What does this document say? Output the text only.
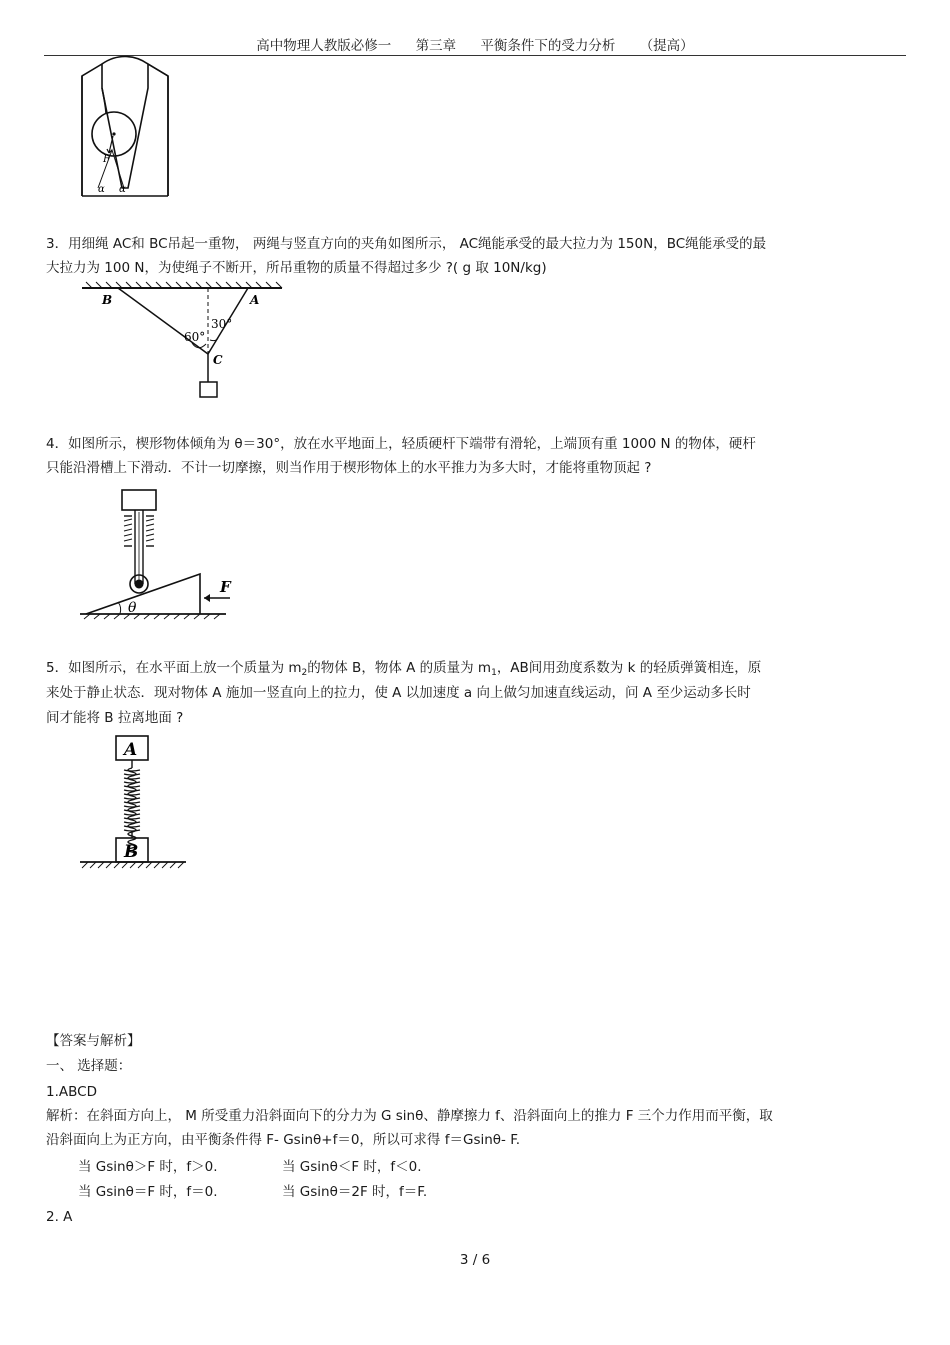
高中物理人教版必修一 第三章 平衡条件下的受力分析 （提高）
F
α α
3．用细绳 AC和 BC吊起一重物， 两绳与竖直方向的夹角如图所示， AC绳能承受的最大拉力为 150N，BC绳能承受的最
大拉力为 100 N，为使绳子不断开，所吊重物的质量不得超过多少 ?( g 取 10N/kg)
B	A
60°
30°
C
4．如图所示，楔形物体倾角为 θ＝30°，放在水平地面上，轻质硬杆下端带有滑轮，上端顶有重 1000 N 的物体，硬杆
只能沿滑槽上下滑动．不计一切摩擦，则当作用于楔形物体上的水平推力为多大时，才能将重物顶起 ?
F
θ
5．如图所示，在水平面上放一个质量为 $m_2$的物体 B，物体 A 的质量为 $m_1$，AB间用劲度系数为 k 的轻质弹簧相连，原
来处于静止状态．现对物体 A 施加一竖直向上的拉力，使 A 以加速度 a 向上做匀加速直线运动，问 A 至少运动多长时
间才能将 B 拉离地面 ?
A
B
【答案与解析】
一、 选择题：
1.ABCD
解析：在斜面方向上， M 所受重力沿斜面向下的分力为 G sinθ、静摩擦力 f、沿斜面向上的推力 F 三个力作用而平衡，取
沿斜面向上为正方向，由平衡条件得 F- Gsinθ+f＝0，所以可求得 f＝Gsinθ- F.
当 Gsinθ＞F 时，f＞0.	当 Gsinθ＜F 时，f＜0.
当 Gsinθ＝F 时，f＝0.	当 Gsinθ＝2F 时，f＝F.
2. A
3 / 6
